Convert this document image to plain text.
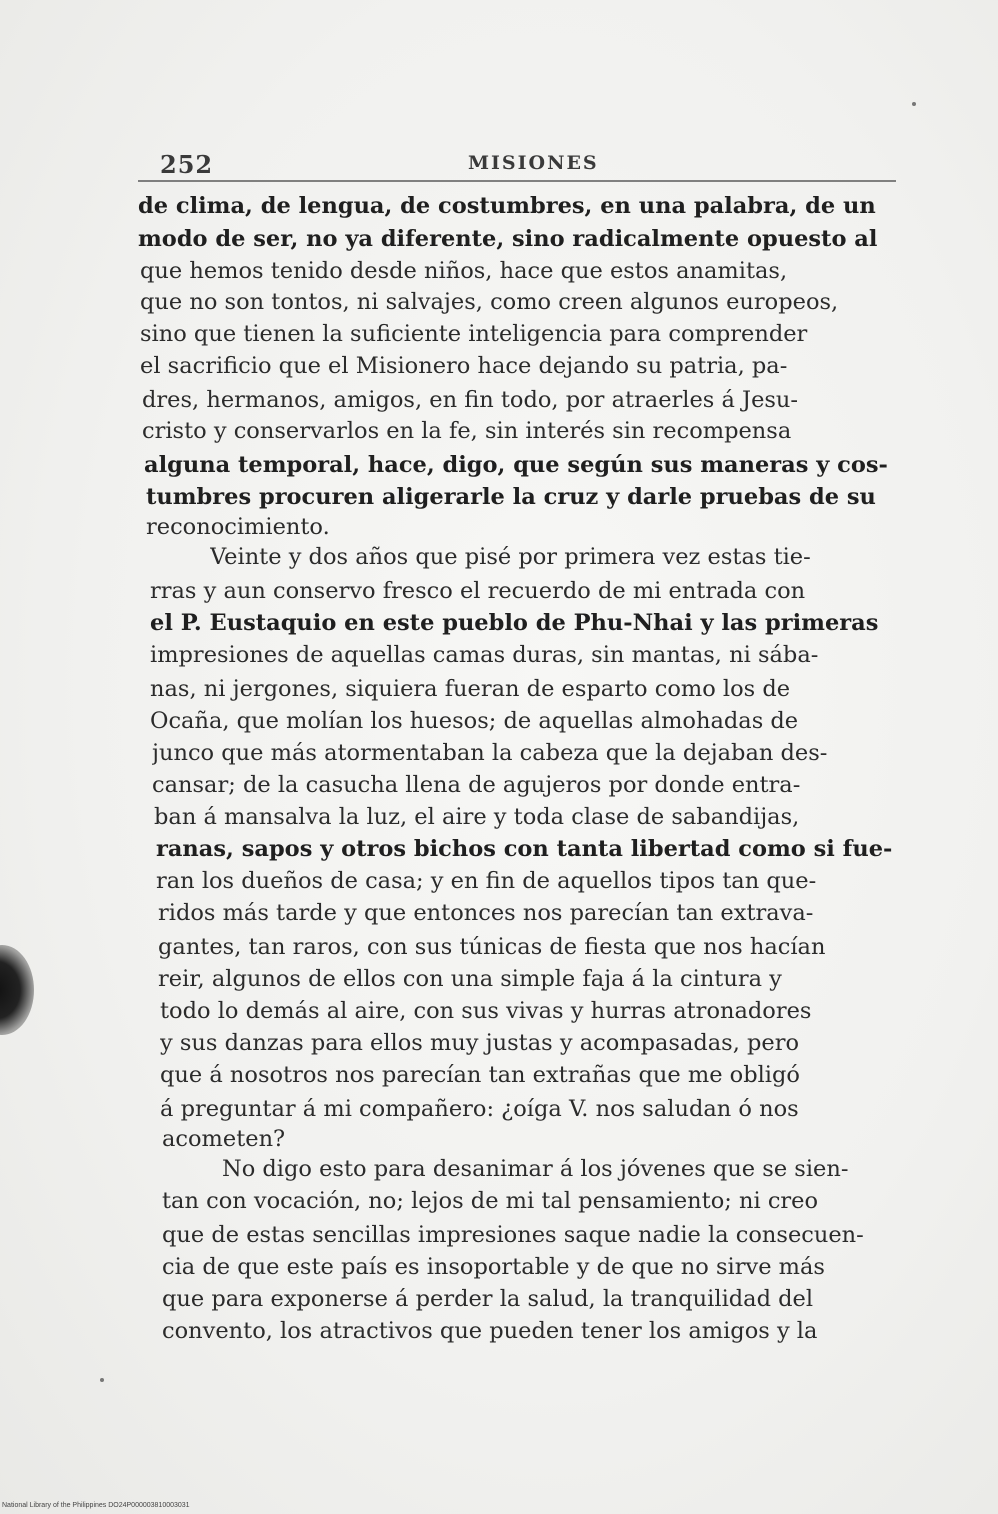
252	MISIONES
de clima, de lengua, de costumbres, en una palabra, de un
modo de ser, no ya diferente, sino radicalmente opuesto al
que hemos tenido desde niños, hace que estos anamitas,
que no son tontos, ni salvajes, como creen algunos europeos,
sino que tienen la suficiente inteligencia para comprender
el sacrificio que el Misionero hace dejando su patria, pa-
dres, hermanos, amigos, en fin todo, por atraerles á Jesu-
cristo y conservarlos en la fe, sin interés sin recompensa
alguna temporal, hace, digo, que según sus maneras y cos-
tumbres procuren aligerarle la cruz y darle pruebas de su
reconocimiento.
Veinte y dos años que pisé por primera vez estas tie-
rras y aun conservo fresco el recuerdo de mi entrada con
el P. Eustaquio en este pueblo de Phu-Nhai y las primeras
impresiones de aquellas camas duras, sin mantas, ni sába-
nas, ni jergones, siquiera fueran de esparto como los de
Ocaña, que molían los huesos; de aquellas almohadas de
junco que más atormentaban la cabeza que la dejaban des-
cansar; de la casucha llena de agujeros por donde entra-
ban á mansalva la luz, el aire y toda clase de sabandijas,
ranas, sapos y otros bichos con tanta libertad como si fue-
ran los dueños de casa; y en fin de aquellos tipos tan que-
ridos más tarde y que entonces nos parecían tan extrava-
gantes, tan raros, con sus túnicas de fiesta que nos hacían
reir, algunos de ellos con una simple faja á la cintura y
todo lo demás al aire, con sus vivas y hurras atronadores
y sus danzas para ellos muy justas y acompasadas, pero
que á nosotros nos parecían tan extrañas que me obligó
á preguntar á mi compañero: ¿oíga V. nos saludan ó nos
acometen?
No digo esto para desanimar á los jóvenes que se sien-
tan con vocación, no; lejos de mi tal pensamiento; ni creo
que de estas sencillas impresiones saque nadie la consecuen-
cia de que este país es insoportable y de que no sirve más
que para exponerse á perder la salud, la tranquilidad del
convento, los atractivos que pueden tener los amigos y la
National Library of the Philippines DO24P000003810003031
